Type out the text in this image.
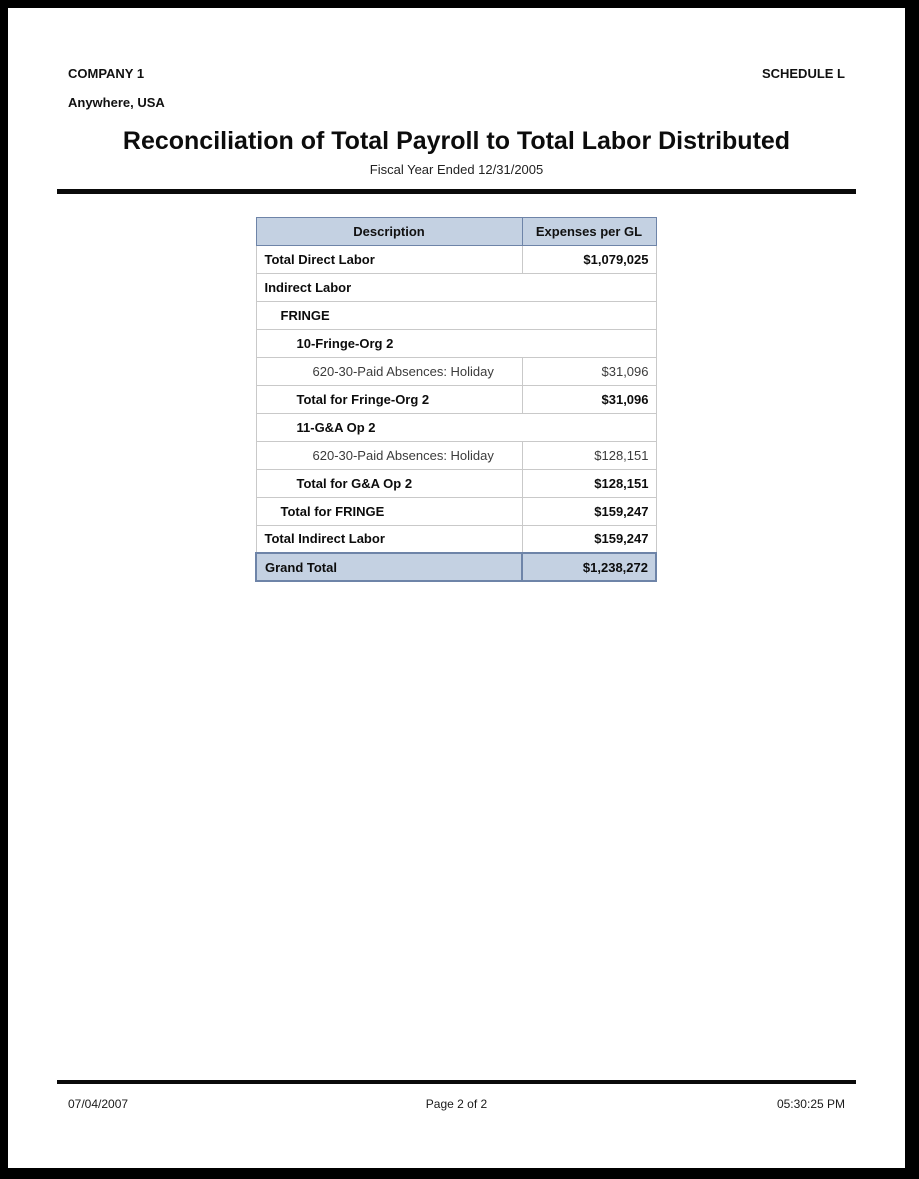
COMPANY 1	SCHEDULE L
Anywhere, USA
Reconciliation of Total Payroll to Total Labor Distributed
Fiscal Year Ended 12/31/2005
Description	Expenses per GL
Total Direct Labor	$1,079,025
Indirect Labor	
FRINGE	
10-Fringe-Org 2	
620-30-Paid Absences: Holiday	$31,096
Total for Fringe-Org 2	$31,096
11-G&A Op 2	
620-30-Paid Absences: Holiday	$128,151
Total for G&A Op 2	$128,151
Total for FRINGE	$159,247
Total Indirect Labor	$159,247
Grand Total	$1,238,272
07/04/2007	Page 2 of 2	05:30:25 PM
